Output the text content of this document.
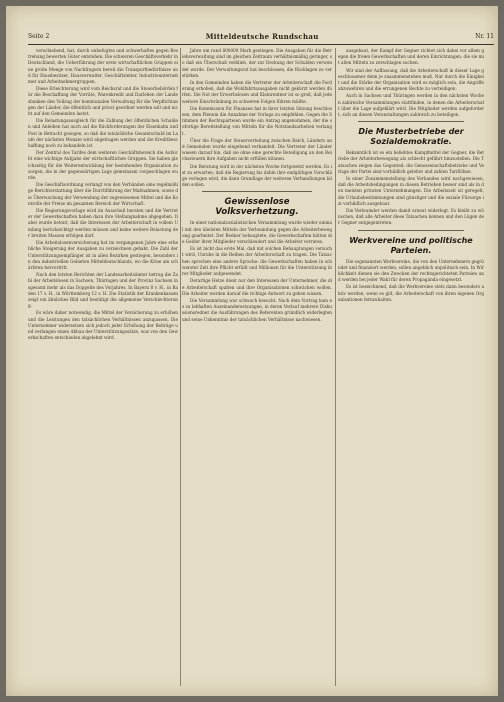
Seite 2	Mitteldeutsche Rundschau	Nr. 11

verschiebend, hat, durch unbefugtes und schwerhaftes gegen Bestrebung bewerten Güter entstehen. Die schweren Geschäftsverkehr in Deutschland, die Ueberführung der erste wirtschaftlichen Gruppen eine große Menge von Nachfragern bereit die Transportbedürfnisse und für Hausbesitzer, Hausverwalter, Geschäftsleiter, Industrieunternehmer und Arbeitnehmergruppen.

Diese Erleichterung wird vom Reichsrat und die Steuerbehörden für die Beschaffung der Vorräte, Warenkredit und Darlehen der Landesbanken den Vollzug der kommunalen Verwaltung für die Verpflichtungen der Länder, die öffentlich und privat geordnet werden soll und nicht auf den Gemeinden lastet.

Die Belastungsausgleich für die Zahlung der öffentlichen Schulden und Anleihen hat auch auf die Rückforderungen der Eisenbahn und Post in Betracht gezogen, so daß die tatsächliche Gesamtschuld im Laufe der nächsten Monate wird abgetragen werden und die Kreditbeschaffung noch zu behandeln ist.

Der Zentral des Tarifes dem weiteren Geschäftsbereich die Aufsicht eine wichtige Aufgabe der wirtschaftlichen Gruppen. Sie haben gleichzeitig für die Weiterentwicklung der bestehenden Organisation zu sorgen, die in der gegenwärtigen Lage gemeinsam vorgeschlagen wurde.

Die Geschäftsordnung verlangt von den Verbänden eine regelmäßige Berichterstattung über die Durchführung der Maßnahmen, sowie die Überwachung der Verwendung der zugewiesenen Mittel und die Kontrolle der Preise im gesamten Bereich der Wirtschaft.

Die Regierungsvorlage wird im Ausschuß beraten und die Vertreter der Gewerkschaften haben dazu ihre Stellungnahme abgegeben. Dabei wurde betont, daß die Interessen der Arbeiterschaft in vollem Umfang berücksichtigt werden müssen und keine weitere Belastung der breiten Massen erfolgen darf.

Die Arbeitslosenversicherung hat im vergangenen Jahre eine erhebliche Steigerung der Ausgaben zu verzeichnen gehabt. Die Zahl der Unterstützungsempfänger ist in allen Bezirken gestiegen, besonders in den industriellen Gebieten Mitteldeutschlands, wo die Krise am schärfsten hervortritt.

Nach den letzten Berichten der Landesarbeitsämter betrug die Zahl der Arbeitslosen in Sachsen, Thüringen und der Provinz Sachsen insgesamt mehr als das Doppelte des Vorjahres. In Bayern 8 v. H., in Baden 17 v. H., in Württemberg 12 v. H. Die Statistik der Krankenkassen zeigt ein ähnliches Bild und bestätigt die allgemeine Verschlechterung.

Es wäre daher notwendig, die Mittel der Versicherung zu erhöhen und die Leistungen den tatsächlichen Verhältnissen anzupassen. Die Unternehmer widersetzen sich jedoch jeder Erhöhung der Beiträge und verlangen einen Abbau der Unterstützungssätze, was von den Gewerkschaften entschieden abgelehnt wird.

Jahre um rund 800000 Mark gestiegen. Die Ausgaben für die Betriebsverwaltung sind im gleichen Zeitraum verhältnismäßig geringer, so daß ein Überschuß verblieb, der zur Deckung der Schulden verwendet wurde. Der Verwaltungsrat hat beschlossen, die Rücklagen zu verstärken.

In den Gemeinden haben die Vertreter der Arbeiterschaft die Forderung erhoben, daß die Wohlfahrtsausgaben nicht gekürzt werden dürfen. Die Not der Erwerbslosen und Kleinrentner ist so groß, daß jede weitere Einschränkung zu schweren Folgen führen müßte.

Die Kommission für Finanzen hat in ihrer letzten Sitzung beschlossen, dem Plenum die Annahme der Vorlage zu empfehlen. Gegen die Stimmen der Rechtsparteien wurde ein Antrag angenommen, der die sofortige Bereitstellung von Mitteln für die Notstandsarbeiten verlangt.

Über die Frage der Steuerverteilung zwischen Reich, Ländern und Gemeinden wurde eingehend verhandelt. Die Vertreter der Länder wiesen darauf hin, daß sie ohne eine gerechte Beteiligung an den Reichssteuern ihre Aufgaben nicht erfüllen können.

Die Beratung wird in der nächsten Woche fortgesetzt werden. Es ist zu erwarten, daß die Regierung bis dahin ihre endgültigen Vorschläge vorlegen wird, die dann Grundlage der weiteren Verhandlungen bilden sollen.

Gewissenlose Volksverhetzung.

In einer nationalsozialistischen Versammlung wurde wieder einmal mit den übelsten Mitteln der Verleumdung gegen die Arbeiterbewegung gearbeitet. Der Redner behauptete, die Gewerkschaften hätten die Gelder ihrer Mitglieder verschleudert und die Arbeiter verraten.

Es ist nicht das erste Mal, daß mit solchen Behauptungen versucht wird, Unruhe in die Reihen der Arbeiterschaft zu tragen. Die Tatsachen sprechen eine andere Sprache: die Gewerkschaften haben in schwerster Zeit ihre Pflicht erfüllt und Millionen für die Unterstützung ihrer Mitglieder aufgewendet.

Derartige Hetze dient nur den Interessen der Unternehmer, die die Arbeiterschaft spalten und ihre Organisationen schwächen wollen. Die Arbeiter werden darauf die richtige Antwort zu geben wissen.

Die Versammlung war schwach besucht. Nach dem Vortrag kam es zu lebhaften Auseinandersetzungen, in deren Verlauf mehrere Diskussionsredner die Ausführungen des Referenten gründlich widerlegten und seine Unkenntnis der tatsächlichen Verhältnisse nachwiesen.

ausgebaut, der Kampf der Gegner richtet sich dabei vor allem gegen die freien Gewerkschaften und deren Einrichtungen, die sie mit allen Mitteln zu zerschlagen suchen.

Wir sind der Auffassung, daß die Arbeiterschaft in dieser Lage geschlossener denn je zusammenstehen muß. Nur durch die Einigkeit und die Stärke der Organisation wird es möglich sein, die Angriffe abzuwehren und die errungenen Rechte zu verteidigen.

Auch in Sachsen und Thüringen werden in den nächsten Wochen zahlreiche Versammlungen stattfinden, in denen die Arbeiterschaft über die Lage aufgeklärt wird. Die Mitglieder werden aufgefordert, sich an diesen Veranstaltungen zahlreich zu beteiligen.

Die Musterbetriebe der Sozialdemokratie.

Bekanntlich ist es ein beliebtes Kampfmittel der Gegner, die Betriebe der Arbeiterbewegung als schlecht geführt hinzustellen. Die Tatsachen zeigen das Gegenteil: die Genossenschaftsbetriebe und Verlage der Partei sind vorbildlich geleitet und zahlen Tariflöhne.

In einer Zusammenstellung des Verbandes wird nachgewiesen, daß die Arbeitsbedingungen in diesen Betrieben besser sind als in den meisten privaten Unternehmungen. Die Arbeitszeit ist geregelt, die Urlaubsbestimmungen sind günstiger und die soziale Fürsorge ist vorbildlich ausgebaut.

Die Verleumder werden damit erneut widerlegt. Es bleibt zu wünschen, daß alle Arbeiter diese Tatsachen kennen und den Lügen der Gegner entgegentreten.

Werkvereine und politische Parteien.

Die sogenannten Werkvereine, die von den Unternehmern gegründet und finanziert werden, sollen angeblich unpolitisch sein. In Wirklichkeit dienen sie den Zwecken der rechtsgerichteten Parteien und werden bei jeder Wahl für deren Propaganda eingesetzt.

Es ist bezeichnend, daß die Werkvereine stets dann besonders aktiv werden, wenn es gilt, die Arbeiterschaft von ihren eigenen Organisationen fernzuhalten.
